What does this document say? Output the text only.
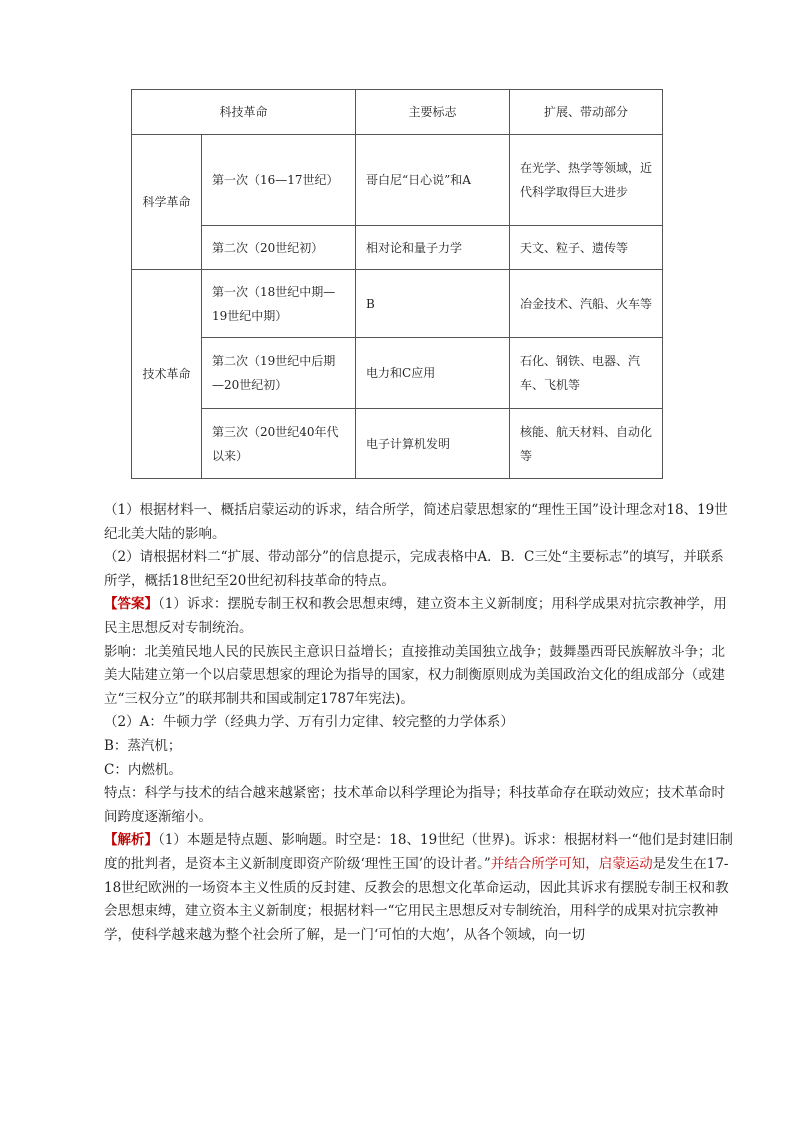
科技革命		主要标志	扩展、带动部分
科学革命	第一次（16—17世纪）	哥白尼“日心说”和A	在光学、热学等领域，近代科学取得巨大进步
	第二次（20世纪初）	相对论和量子力学	天文、粒子、遗传等
技术革命	第一次（18世纪中期—19世纪中期）	B	冶金技术、汽船、火车等
	第二次（19世纪中后期—20世纪初）	电力和C应用	石化、钢铁、电器、汽车、飞机等
	第三次（20世纪40年代以来）	电子计算机发明	核能、航天材料、自动化等

（1）根据材料一、概括启蒙运动的诉求，结合所学，简述启蒙思想家的“理性王国”设计理念对18、19世纪北美大陆的影响。

（2）请根据材料二“扩展、带动部分”的信息提示，完成表格中A．B．C三处“主要标志”的填写，并联系所学，概括18世纪至20世纪初科技革命的特点。

【答案】（1）诉求：摆脱专制王权和教会思想束缚，建立资本主义新制度；用科学成果对抗宗教神学，用民主思想反对专制统治。

影响：北美殖民地人民的民族民主意识日益增长；直接推动美国独立战争；鼓舞墨西哥民族解放斗争；北美大陆建立第一个以启蒙思想家的理论为指导的国家，权力制衡原则成为美国政治文化的组成部分（或建立“三权分立”的联邦制共和国或制定1787年宪法)。

（2）A：牛顿力学（经典力学、万有引力定律、较完整的力学体系）

B：蒸汽机；

C：内燃机。

特点：科学与技术的结合越来越紧密；技术革命以科学理论为指导；科技革命存在联动效应；技术革命时间跨度逐渐缩小。

【解析】（1）本题是特点题、影响题。时空是：18、19世纪（世界)。诉求：根据材料一“他们是封建旧制度的批判者，是资本主义新制度即资产阶级‘理性王国’的设计者。”并结合所学可知，启蒙运动是发生在17-18世纪欧洲的一场资本主义性质的反封建、反教会的思想文化革命运动，因此其诉求有摆脱专制王权和教会思想束缚，建立资本主义新制度；根据材料一“它用民主思想反对专制统治，用科学的成果对抗宗教神学，使科学越来越为整个社会所了解，是一门‘可怕的大炮’，从各个领域，向一切
